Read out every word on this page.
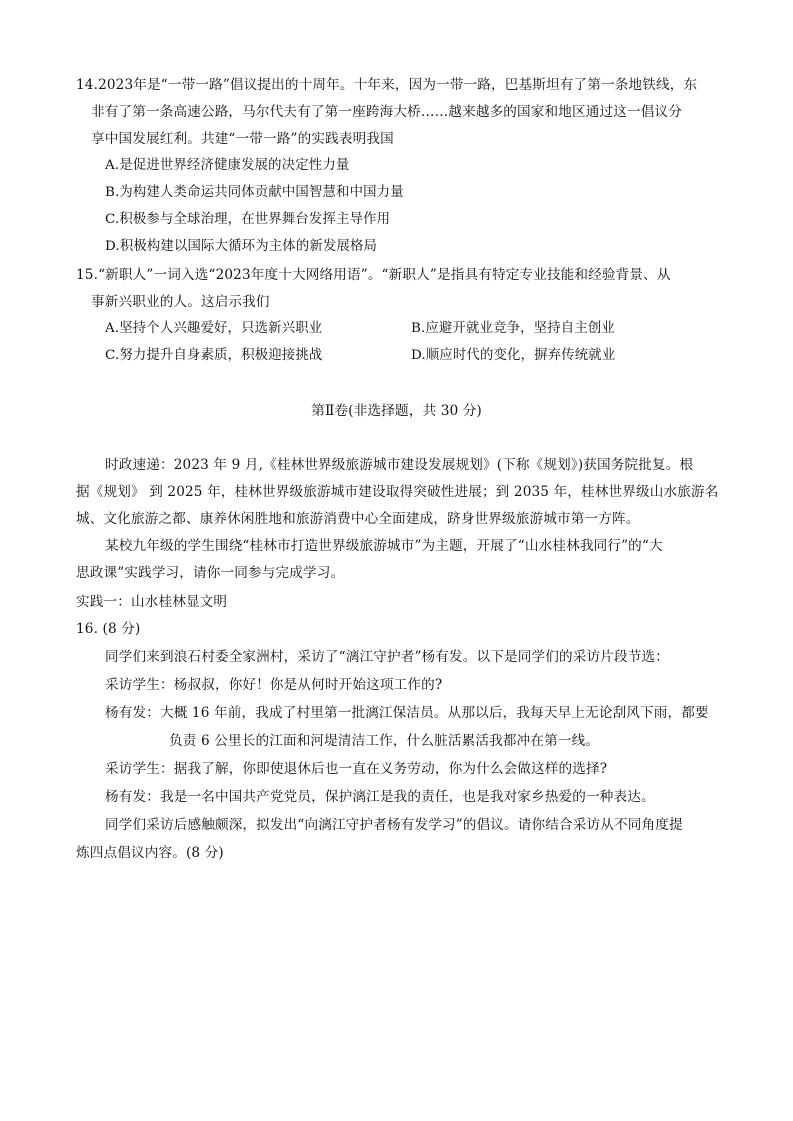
14.2023年是“一带一路”倡议提出的十周年。十年来，因为一带一路，巴基斯坦有了第一条地铁线，东
非有了第一条高速公路，马尔代夫有了第一座跨海大桥……越来越多的国家和地区通过这一倡议分
享中国发展红利。共建“一带一路”的实践表明我国
A.是促进世界经济健康发展的决定性力量
B.为构建人类命运共同体贡献中国智慧和中国力量
C.积极参与全球治理，在世界舞台发挥主导作用
D.积极构建以国际大循环为主体的新发展格局
15.“新职人”一词入选“2023年度十大网络用语”。“新职人”是指具有特定专业技能和经验背景、从
事新兴职业的人。这启示我们
A.坚持个人兴趣爱好，只选新兴职业	B.应避开就业竞争，坚持自主创业
C.努力提升自身素质，积极迎接挑战	D.顺应时代的变化，摒弃传统就业
第Ⅱ卷(非选择题，共 30 分)
时政速递：2023 年 9 月,《桂林世界级旅游城市建设发展规划》(下称《规划》)获国务院批复。根
据《规划》 到 2025 年，桂林世界级旅游城市建设取得突破性进展；到 2035 年，桂林世界级山水旅游名
城、文化旅游之都、康养休闲胜地和旅游消费中心全面建成，跻身世界级旅游城市第一方阵。
某校九年级的学生围绕“桂林市打造世界级旅游城市”为主题，开展了“山水桂林我同行”的“大
思政课”实践学习，请你一同参与完成学习。
实践一：山水桂林显文明
16. (8 分)
同学们来到浪石村委全家洲村，采访了“漓江守护者”杨有发。以下是同学们的采访片段节选：
采访学生：杨叔叔，你好！你是从何时开始这项工作的?
杨有发：大概 16 年前，我成了村里第一批漓江保洁员。从那以后，我每天早上无论刮风下雨，都要
负责 6 公里长的江面和河堤清洁工作，什么脏活累活我都冲在第一线。
采访学生：据我了解，你即使退休后也一直在义务劳动，你为什么会做这样的选择?
杨有发：我是一名中国共产党党员，保护漓江是我的责任，也是我对家乡热爱的一种表达。
同学们采访后感触颇深，拟发出“向漓江守护者杨有发学习”的倡议。请你结合采访从不同角度提
炼四点倡议内容。(8 分)
